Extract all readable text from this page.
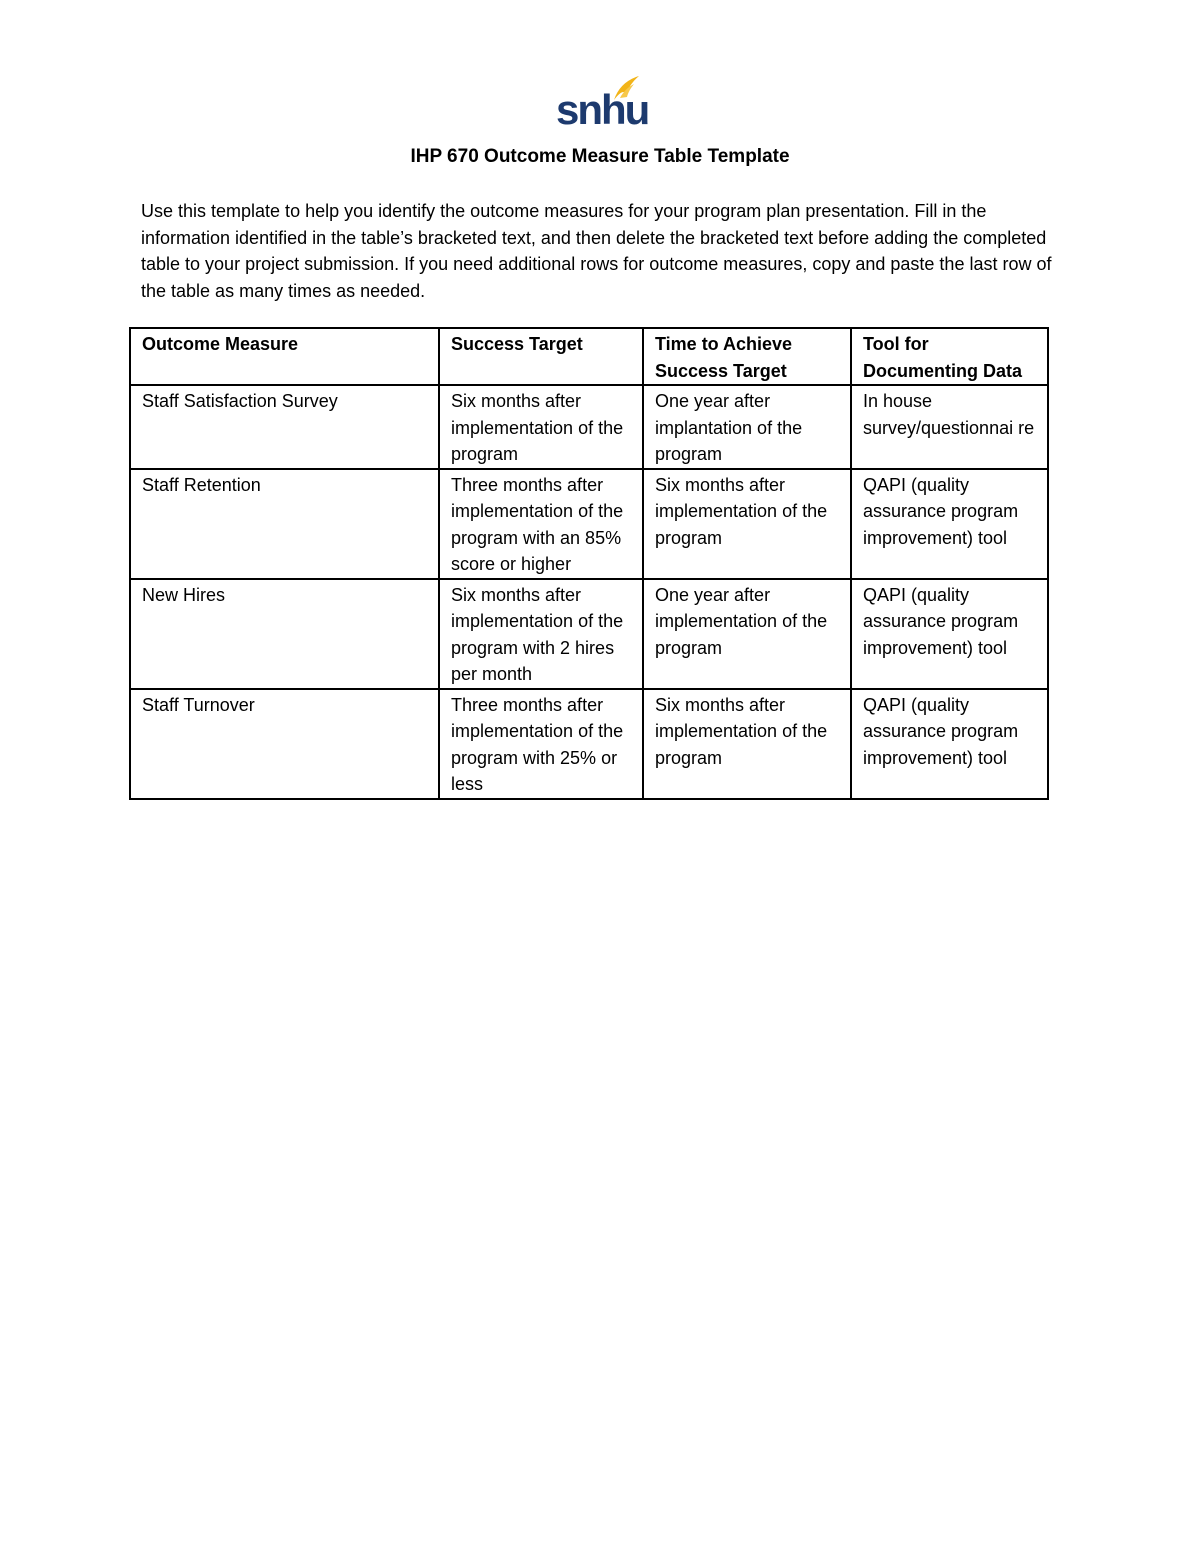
snhu
IHP 670 Outcome Measure Table Template

Use this template to help you identify the outcome measures for your program plan presentation. Fill in the information identified in the table’s bracketed text, and then delete the bracketed text before adding the completed table to your project submission. If you need additional rows for outcome measures, copy and paste the last row of the table as many times as needed.

Outcome Measure	Success Target	Time to Achieve Success Target	Tool for Documenting Data
Staff Satisfaction Survey	Six months after implementation of the program	One year after implantation of the program	In house survey/questionnai re
Staff Retention	Three months after implementation of the program with an 85% score or higher	Six months after implementation of the program	QAPI (quality assurance program improvement) tool
New Hires	Six months after implementation of the program with 2 hires per month	One year after implementation of the program	QAPI (quality assurance program improvement) tool
Staff Turnover	Three months after implementation of the program with 25% or less	Six months after implementation of the program	QAPI (quality assurance program improvement) tool
